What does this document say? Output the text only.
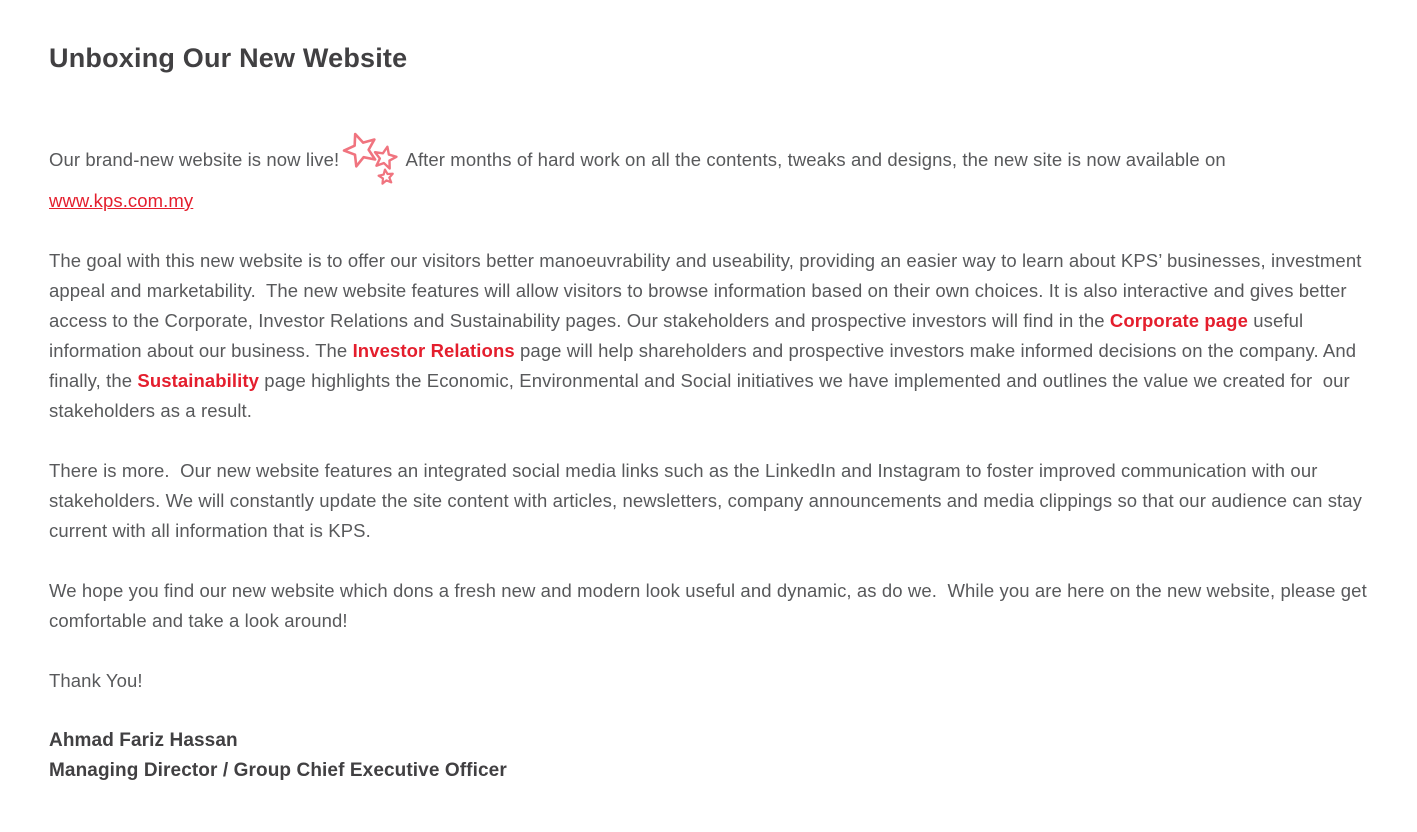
Unboxing Our New Website

Our brand-new website is now live!	After months of hard work on all the contents, tweaks and designs, the new site is now available on www.kps.com.my

The goal with this new website is to offer our visitors better manoeuvrability and useability, providing an easier way to learn about KPS’ businesses, investment appeal and marketability.  The new website features will allow visitors to browse information based on their own choices. It is also interactive and gives better access to the Corporate, Investor Relations and Sustainability pages. Our stakeholders and prospective investors will find in the Corporate page useful information about our business. The Investor Relations page will help shareholders and prospective investors make informed decisions on the company. And finally, the Sustainability page highlights the Economic, Environmental and Social initiatives we have implemented and outlines the value we created for  our stakeholders as a result.

There is more.  Our new website features an integrated social media links such as the LinkedIn and Instagram to foster improved communication with our stakeholders. We will constantly update the site content with articles, newsletters, company announcements and media clippings so that our audience can stay current with all information that is KPS.

We hope you find our new website which dons a fresh new and modern look useful and dynamic, as do we.  While you are here on the new website, please get comfortable and take a look around!

Thank You!

Ahmad Fariz Hassan
Managing Director / Group Chief Executive Officer
